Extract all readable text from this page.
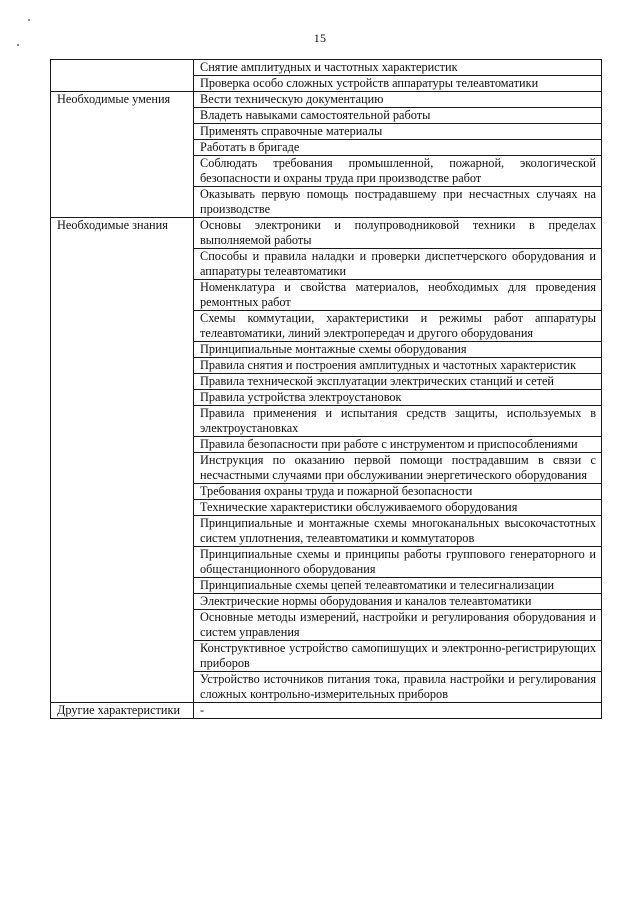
15
	Снятие амплитудных и частотных характеристик
	Проверка особо сложных устройств аппаратуры телеавтоматики
Необходимые умения	Вести техническую документацию
	Владеть навыками самостоятельной работы
	Применять справочные материалы
	Работать в бригаде
	Соблюдать требования промышленной, пожарной, экологической безопасности и охраны труда при производстве работ
	Оказывать первую помощь пострадавшему при несчастных случаях на производстве
Необходимые знания	Основы электроники и полупроводниковой техники в пределах выполняемой работы
	Способы и правила наладки и проверки диспетчерского оборудования и аппаратуры телеавтоматики
	Номенклатура и свойства материалов, необходимых для проведения ремонтных работ
	Схемы коммутации, характеристики и режимы работ аппаратуры телеавтоматики, линий электропередач и другого оборудования
	Принципиальные монтажные схемы оборудования
	Правила снятия и построения амплитудных и частотных характеристик
	Правила технической эксплуатации электрических станций и сетей
	Правила устройства электроустановок
	Правила применения и испытания средств защиты, используемых в электроустановках
	Правила безопасности при работе с инструментом и приспособлениями
	Инструкция по оказанию первой помощи пострадавшим в связи с несчастными случаями при обслуживании энергетического оборудования
	Требования охраны труда и пожарной безопасности
	Технические характеристики обслуживаемого оборудования
	Принципиальные и монтажные схемы многоканальных высокочастотных систем уплотнения, телеавтоматики и коммутаторов
	Принципиальные схемы и принципы работы группового генераторного и общестанционного оборудования
	Принципиальные схемы цепей телеавтоматики и телесигнализации
	Электрические нормы оборудования и каналов телеавтоматики
	Основные методы измерений, настройки и регулирования оборудования и систем управления
	Конструктивное устройство самопишущих и электронно-регистрирующих приборов
	Устройство источников питания тока, правила настройки и регулирования сложных контрольно-измерительных приборов
Другие характеристики	-
